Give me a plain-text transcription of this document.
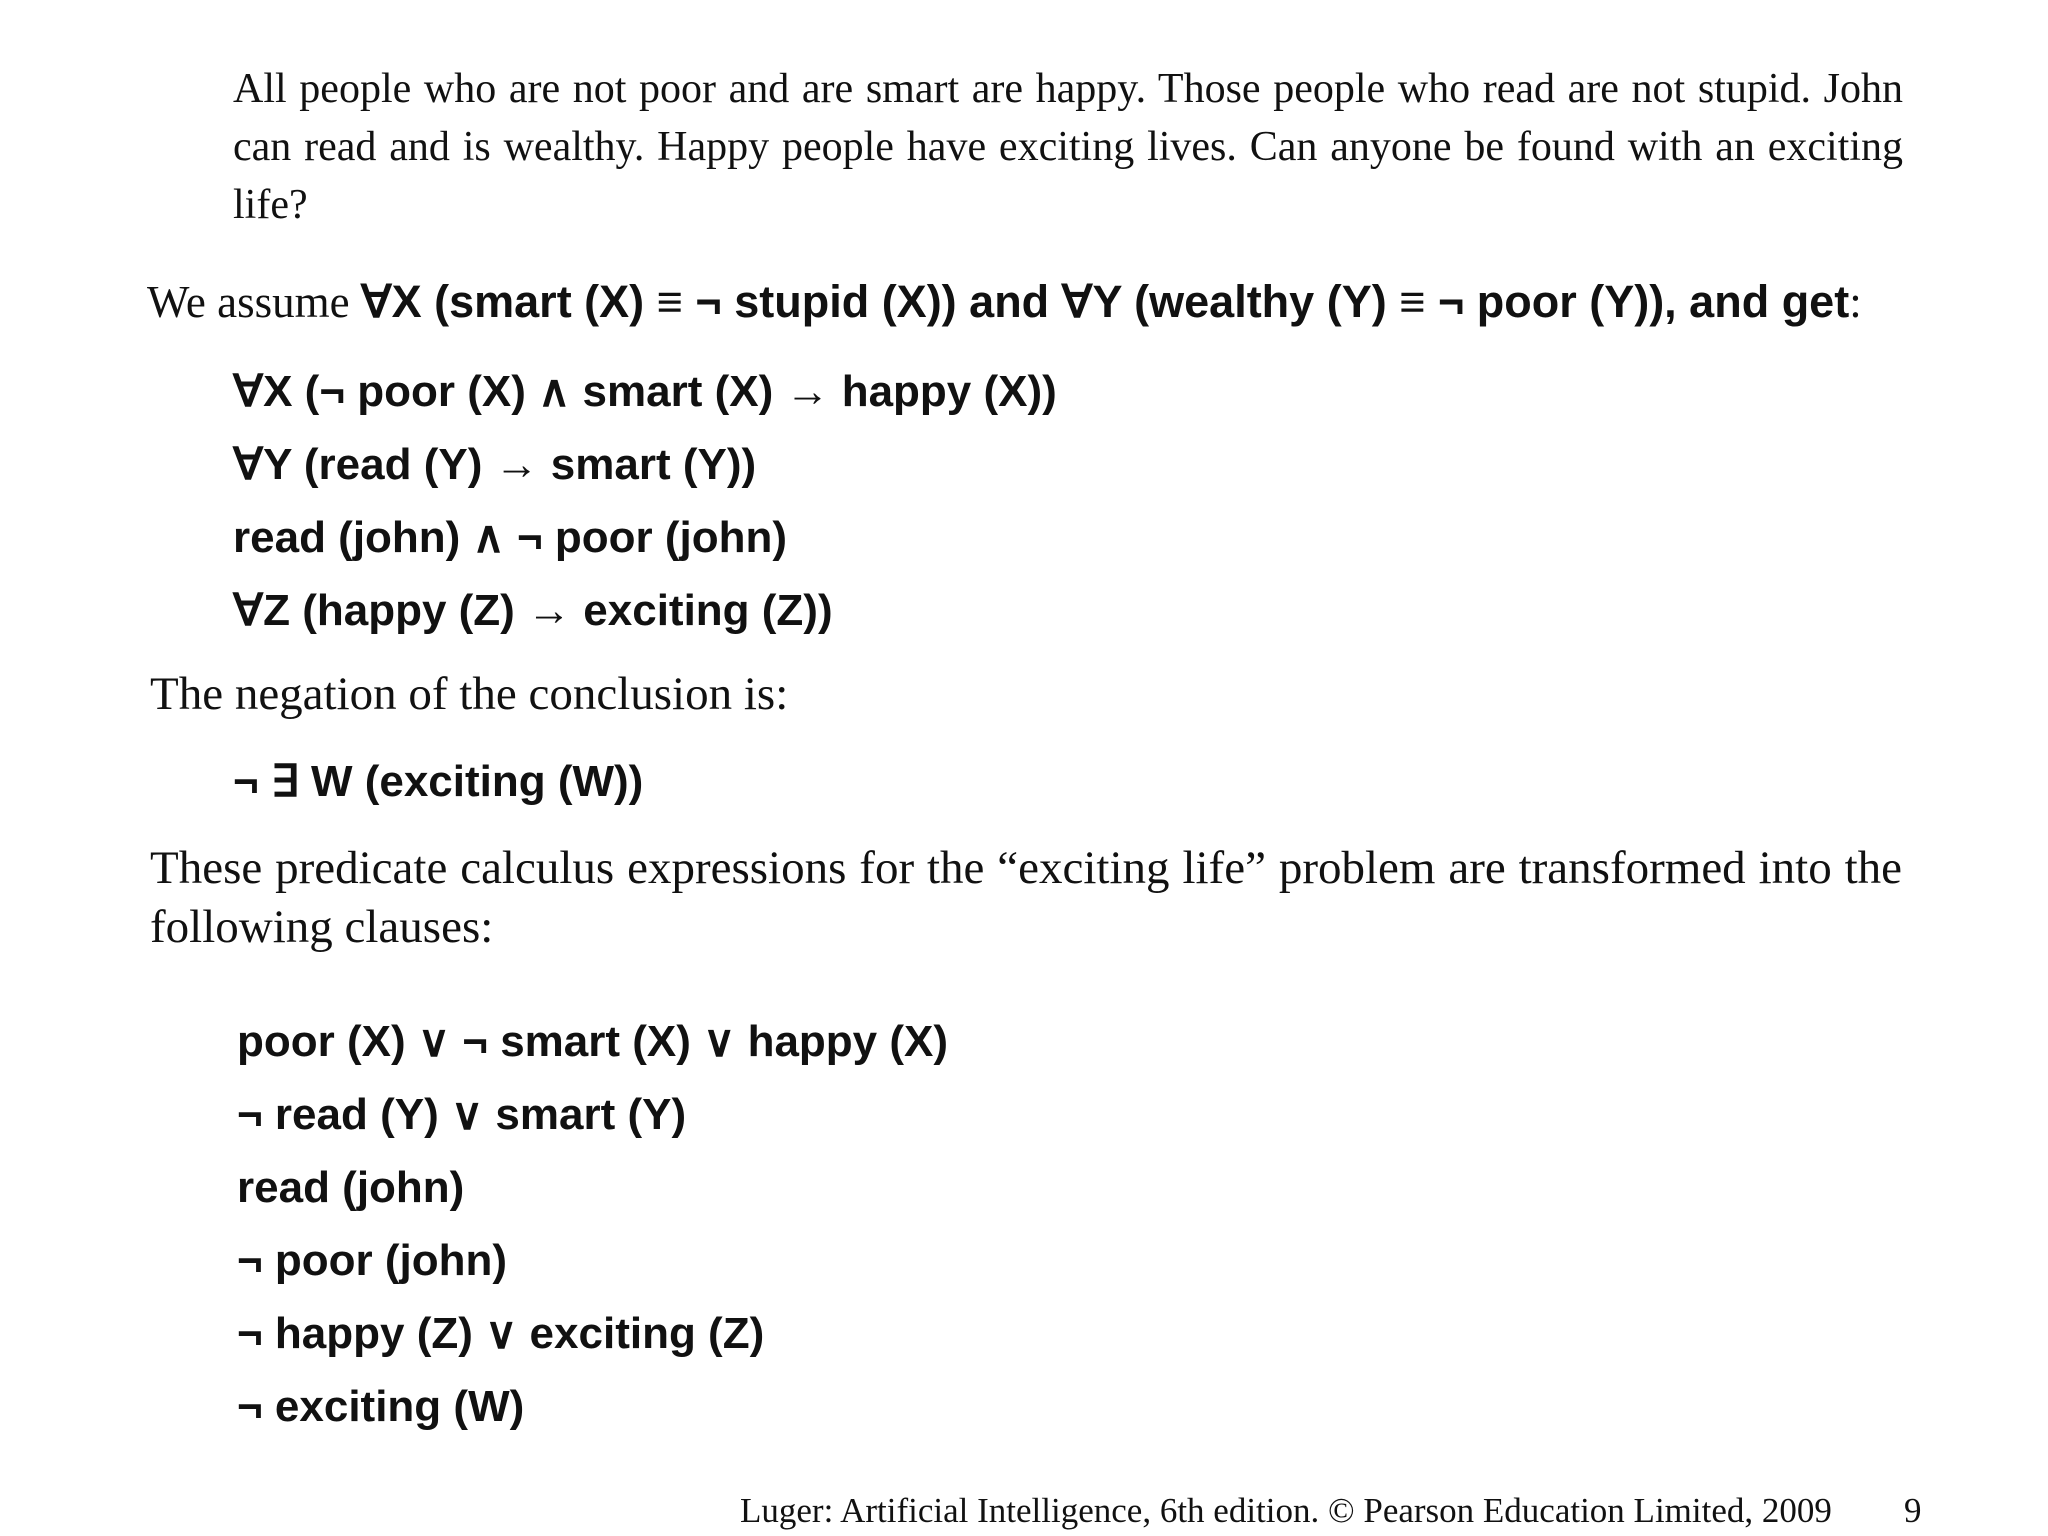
All people who are not poor and are smart are happy. Those people who read are not stupid. John can read and is wealthy. Happy people have exciting lives. Can anyone be found with an exciting life?
We assume ∀X (smart (X) ≡ ¬ stupid (X)) and ∀Y (wealthy (Y) ≡ ¬ poor (Y)), and get:
∀X (¬ poor (X) ∧ smart (X) → happy (X))
∀Y (read (Y) → smart (Y))
read (john) ∧ ¬ poor (john)
∀Z (happy (Z) → exciting (Z))
The negation of the conclusion is:
¬ ∃ W (exciting (W))
These predicate calculus expressions for the “exciting life” problem are transformed into the following clauses:
poor (X) ∨ ¬ smart (X) ∨ happy (X)
¬ read (Y) ∨ smart (Y)
read (john)
¬ poor (john)
¬ happy (Z) ∨ exciting (Z)
¬ exciting (W)
Luger: Artificial Intelligence, 6th edition. © Pearson Education Limited, 2009 9
